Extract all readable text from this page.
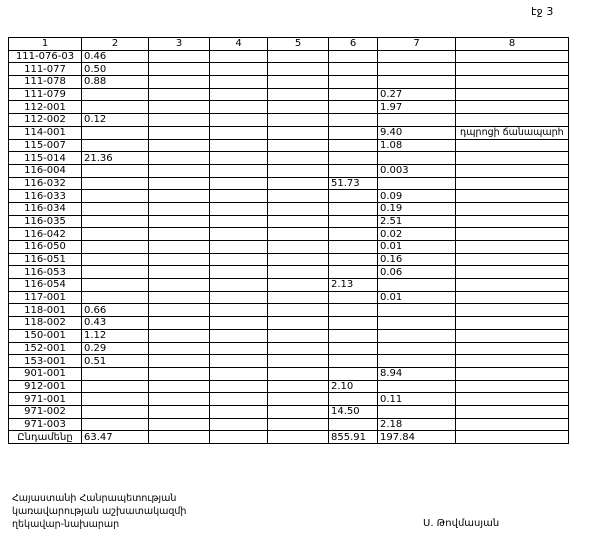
էջ 3
1	2	3	4	5	6	7	8
111-076-03	0.46						
111-077	0.50						
111-078	0.88						
111-079						0.27	
112-001						1.97	
112-002	0.12						
114-001						9.40	դպրոցի ճանապարհ

115-007						1.08	
115-014	21.36						
116-004						0.003	
116-032					51.73		
116-033						0.09	
116-034						0.19	
116-035						2.51	
116-042						0.02	
116-050						0.01	
116-051						0.16	
116-053						0.06	
116-054					2.13		
117-001						0.01	
118-001	0.66						
118-002	0.43						
150-001	1.12						
152-001	0.29						
153-001	0.51						
901-001						8.94	
912-001					2.10		
971-001						0.11	
971-002					14.50		
971-003						2.18	
Ընդամենը	63.47				855.91	197.84	
Հայաստանի Հանրապետության
կառավարության աշխատակազմի
ղեկավար-նախարար	Ս. Թովմասյան
